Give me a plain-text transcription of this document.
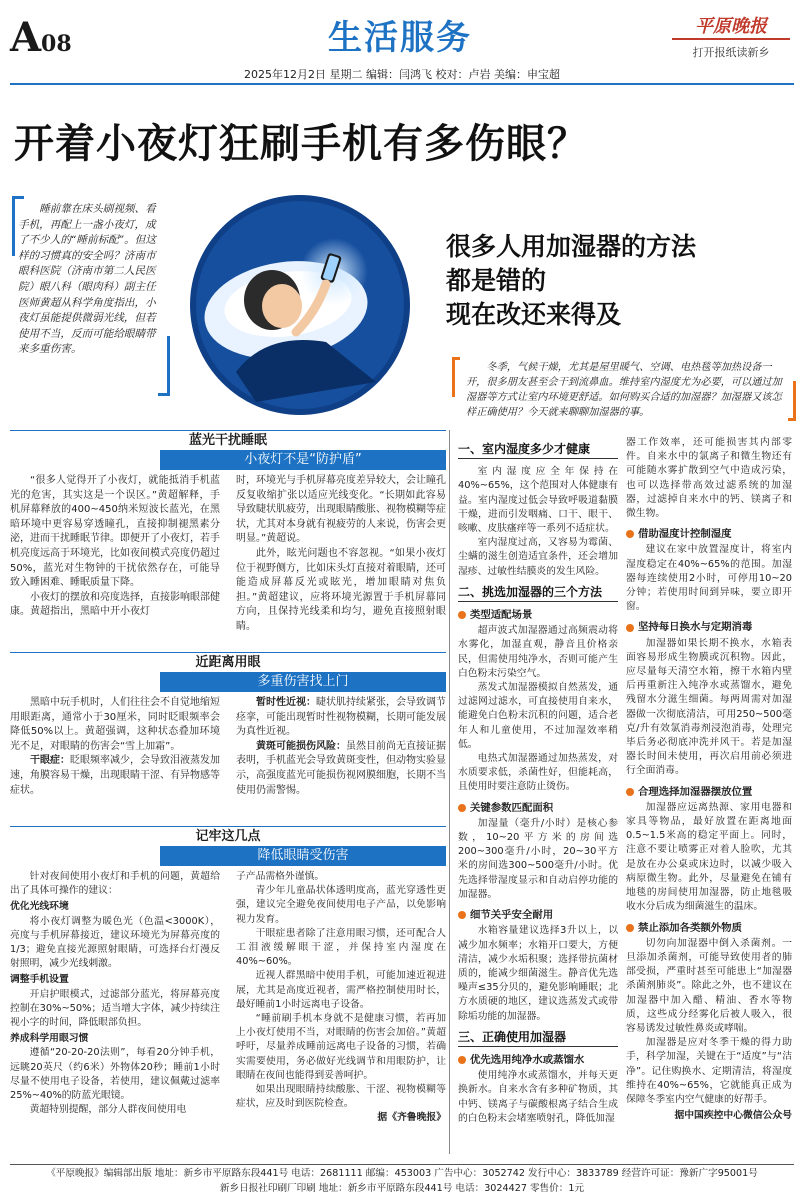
A08	生活服务	平原晚报
打开报纸读新乡
2025年12月2日 星期二 编辑：闫鸿飞 校对：卢岩 美编：申宝超
开着小夜灯狂刷手机有多伤眼？

睡前靠在床头刷视频、看手机，再配上一盏小夜灯，成了不少人的“睡前标配”。但这样的习惯真的安全吗？济南市眼科医院（济南市第二人民医院）眼八科（眼肉科）副主任医师黄超从科学角度指出，小夜灯虽能提供微弱光线，但若使用不当，反而可能给眼睛带来多重伤害。

很多人用加湿器的方法
都是错的
现在改还来得及
冬季，气候干燥，尤其是屋里暖气、空调、电热毯等加热设备一开，很多朋友甚至会干到流鼻血。维持室内湿度尤为必要，可以通过加湿器等方式让室内环境更舒适。如何购买合适的加湿器？加湿器又该怎样正确使用？今天就来聊聊加湿器的事。
蓝光干扰睡眠
小夜灯不是“防护盾”

“很多人觉得开了小夜灯，就能抵消手机蓝光的危害，其实这是一个误区。”黄超解释，手机屏幕释放的400~450纳米短波长蓝光，在黑暗环境中更容易穿透瞳孔，直接抑制褪黑素分泌，进而干扰睡眠节律。即便开了小夜灯，若手机亮度远高于环境光，比如夜间模式亮度仍超过50%，蓝光对生物钟的干扰依然存在，可能导致入睡困难、睡眠质量下降。

小夜灯的摆放和亮度选择，直接影响眼部健康。黄超指出，黑暗中开小夜灯

时，环境光与手机屏幕亮度差异较大，会让瞳孔反复收缩扩张以适应光线变化。“长期如此容易导致睫状肌疲劳，出现眼睛酸胀、视物模糊等症状，尤其对本身就有视疲劳的人来说，伤害会更明显。”黄超说。

此外，眩光问题也不容忽视。“如果小夜灯位于视野侧方，比如床头灯直接对着眼睛，还可能造成屏幕反光或眩光，增加眼睛对焦负担。”黄超建议，应将环境光源置于手机屏幕同方向，且保持光线柔和均匀，避免直接照射眼睛。

近距离用眼
多重伤害找上门

黑暗中玩手机时，人们往往会不自觉地缩短用眼距离，通常小于30厘米，同时眨眼频率会降低50%以上。黄超强调，这种状态叠加环境光不足，对眼睛的伤害会“雪上加霜”。

干眼症：眨眼频率减少，会导致泪液蒸发加速，角膜容易干燥，出现眼睛干涩、有异物感等症状。

暂时性近视：睫状肌持续紧张，会导致调节痉挛，可能出现暂时性视物模糊，长期可能发展为真性近视。

黄斑可能损伤风险：虽然目前尚无直接证据表明，手机蓝光会导致黄斑变性，但动物实验显示，高强度蓝光可能损伤视网膜细胞，长期不当使用仍需警惕。

记牢这几点
降低眼睛受伤害

针对夜间使用小夜灯和手机的问题，黄超给出了具体可操作的建议：

优化光线环境

将小夜灯调整为暖色光（色温<3000K），亮度与手机屏幕接近，建议环境光为屏幕亮度的1/3；避免直接光源照射眼睛，可选择台灯漫反射照明，减少光线刺激。

调整手机设置

开启护眼模式，过滤部分蓝光，将屏幕亮度控制在30%~50%；适当增大字体，减少持续注视小字的时间，降低眼部负担。

养成科学用眼习惯

遵循“20-20-20法则”，每看20分钟手机，远眺20英尺（约6米）外物体20秒；睡前1小时尽量不使用电子设备，若使用，建议佩戴过滤率25%~40%的防蓝光眼镜。

黄超特别提醒，部分人群夜间使用电

子产品需格外谨慎。

青少年儿童晶状体透明度高，蓝光穿透性更强，建议完全避免夜间使用电子产品，以免影响视力发育。

干眼症患者除了注意用眼习惯，还可配合人工泪液缓解眼干涩，并保持室内湿度在40%~60%。

近视人群黑暗中使用手机，可能加速近视进展，尤其是高度近视者，需严格控制使用时长，最好睡前1小时远离电子设备。

“睡前刷手机本身就不是健康习惯，若再加上小夜灯使用不当，对眼睛的伤害会加倍。”黄超呼吁，尽量养成睡前远离电子设备的习惯，若确实需要使用，务必做好光线调节和用眼防护，让眼睛在夜间也能得到妥善呵护。

如果出现眼睛持续酸胀、干涩、视物模糊等症状，应及时到医院检查。

据《齐鲁晚报》

一、室内湿度多少才健康

室内湿度应全年保持在40%~65%，这个范围对人体健康有益。室内湿度过低会导致呼吸道黏膜干燥，进而引发咽痛、口干、眼干、咳嗽、皮肤瘙痒等一系列不适症状。

室内湿度过高，又容易为霉菌、尘螨的滋生创造适宜条件，还会增加湿疹、过敏性结膜炎的发生风险。

二、挑选加湿器的三个方法
类型适配场景

超声波式加湿器通过高频震动将水雾化，加湿直观，静音且价格亲民，但需使用纯净水，否则可能产生白色粉末污染空气。

蒸发式加湿器模拟自然蒸发，通过滤网过滤水，可直接使用自来水，能避免白色粉末沉积的问题，适合老年人和儿童使用，不过加湿效率稍低。

电热式加湿器通过加热蒸发，对水质要求低，杀菌性好，但能耗高，且使用时要注意防止烫伤。

关键参数匹配面积

加湿量（毫升/小时）是核心参数，10~20平方米的房间选200~300毫升/小时，20~30平方米的房间选300~500毫升/小时。优先选择带湿度显示和自动启停功能的加湿器。

细节关乎安全耐用

水箱容量建议选择3升以上，以减少加水频率；水箱开口要大，方便清洁，减少水垢积聚；选择带抗菌材质的，能减少细菌滋生。静音优先选噪声≤35分贝的，避免影响睡眠；北方水质硬的地区，建议选蒸发式或带除垢功能的加湿器。

三、正确使用加湿器
优先选用纯净水或蒸馏水

使用纯净水或蒸馏水，并每天更换新水。自来水含有多种矿物质，其中钙、镁离子与碳酸根离子结合生成的白色粉末会堵塞喷射孔，降低加湿

器工作效率，还可能损害其内部零件。自来水中的氯离子和微生物还有可能随水雾扩散到空气中造成污染，也可以选择带高效过滤系统的加湿器，过滤掉自来水中的钙、镁离子和微生物。

借助湿度计控制湿度

建议在家中放置湿度计，将室内湿度稳定在40%~65%的范围。加湿器每连续使用2小时，可停用10~20分钟；若使用时间到异味，要立即开窗。

坚持每日换水与定期消毒

加湿器如果长期不换水，水箱表面容易形成生物膜或沉积物。因此，应尽量每天清空水箱，擦干水箱内壁后再重新注入纯净水或蒸馏水，避免残留水分滋生细菌。每两周需对加湿器做一次彻底清洁，可用250~500毫克/升有效氯消毒剂浸泡消毒，处理完毕后务必彻底冲洗并风干。若是加湿器长时间未使用，再次启用前必须进行全面消毒。

合理选择加湿器摆放位置

加湿器应远离热源、家用电器和家具等物品，最好放置在距离地面0.5~1.5米高的稳定平面上。同时，注意不要让喷雾正对着人脸吹，尤其是放在办公桌或床边时，以减少吸入病原微生物。此外，尽量避免在铺有地毯的房间使用加湿器，防止地毯吸收水分后成为细菌滋生的温床。

禁止添加各类额外物质

切勿向加湿器中倒入杀菌剂。一旦添加杀菌剂，可能导致使用者的肺部受损，严重时甚至可能患上“加湿器杀菌剂肺炎”。除此之外，也不建议在加湿器中加入醋、精油、香水等物质，这些成分经雾化后被人吸入，很容易诱发过敏性鼻炎或哮喘。

加湿器是应对冬季干燥的得力助手，科学加湿，关键在于“适度”与“洁净”。记住购换水、定期清洁，将湿度维持在40%~65%，它就能真正成为保障冬季室内空气健康的好帮手。

据中国疾控中心微信公众号

《平原晚报》编辑部出版 地址：新乡市平原路东段441号 电话：2681111 邮编：453003 广告中心：3052742 发行中心：3833789 经营许可证：豫新广字95001号
新乡日报社印刷厂印刷 地址：新乡市平原路东段441号 电话：3024427 零售价：1元
